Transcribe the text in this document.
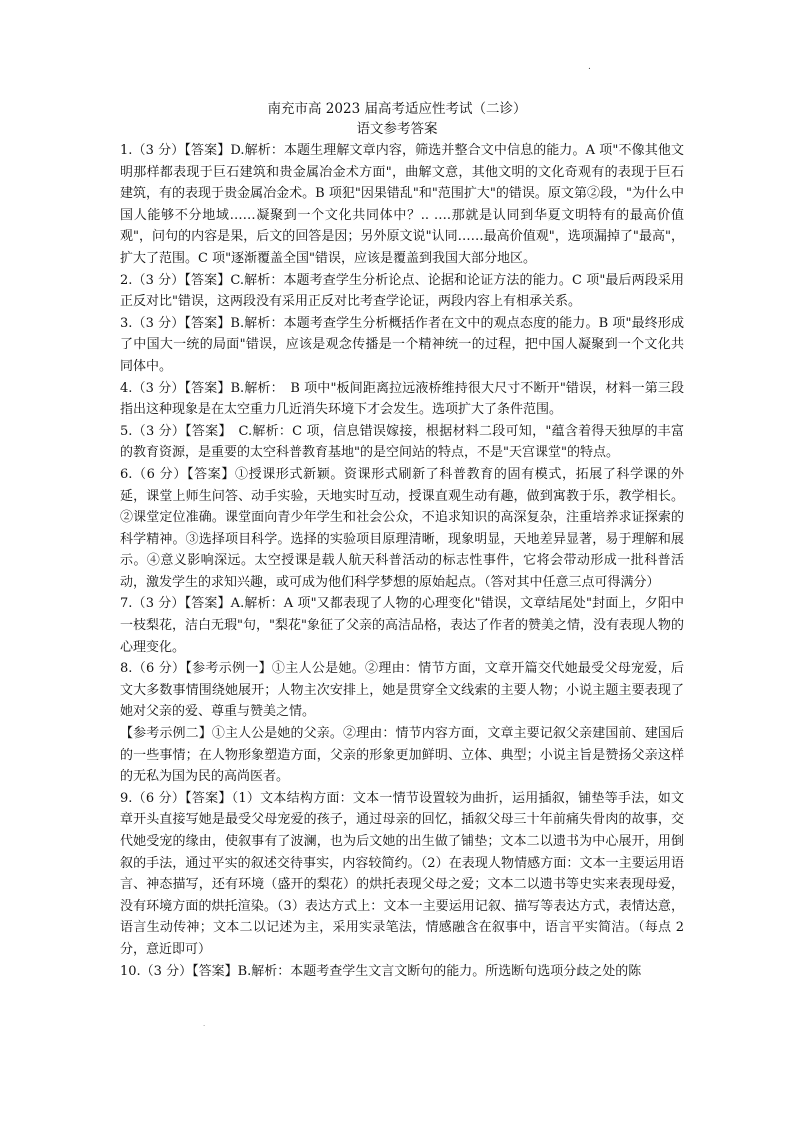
.
南充市高 2023 届高考适应性考试（二诊）
语文参考答案

1.（3 分）【答案】D.解析：本题生理解文章内容，筛选并整合文中信息的能力。A 项"不像其他文明那样都表现于巨石建筑和贵金属冶金术方面"，曲解文意，其他文明的文化奇观有的表现于巨石建筑，有的表现于贵金属冶金术。B 项犯"因果错乱"和"范围扩大"的错误。原文第②段，"为什么中国人能够不分地域……凝聚到一个文化共同体中？.. ….那就是认同到华夏文明特有的最高价值观"，问句的内容是果，后文的回答是因；另外原文说"认同……最高价值观"，选项漏掉了"最高"，扩大了范围。C 项"逐渐覆盖全国"错误，应该是覆盖到我国大部分地区。

2.（3 分）【答案】C.解析：本题考查学生分析论点、论据和论证方法的能力。C 项"最后两段采用正反对比"错误，这两段没有采用正反对比考查学论证，两段内容上有相承关系。

3.（3 分）【答案】B.解析：本题考查学生分析概括作者在文中的观点态度的能力。B 项"最终形成了中国大一统的局面"错误，应该是观念传播是一个精神统一的过程，把中国人凝聚到一个文化共同体中。

4.（3 分）【答案】B.解析：　B 项中"板间距离拉远液桥维持很大尺寸不断开"错误，材料一第三段指出这种现象是在太空重力几近消失环境下才会发生。选项扩大了条件范围。

5.（3 分）【答案】　C.解析：C 项，信息错误嫁接，根据材料二段可知，"蕴含着得天独厚的丰富的教育资源，是重要的太空科普教育基地"的是空间站的特点，不是"天宫课堂"的特点。

6.（6 分）【答案】①授课形式新颖。资课形式刷新了科普教育的固有模式，拓展了科学课的外延，课堂上师生问答、动手实验，天地实时互动，授课直观生动有趣，做到寓教于乐，教学相长。②课堂定位准确。课堂面向青少年学生和社会公众，不追求知识的高深复杂，注重培养求证探索的科学精神。③选择项目科学。选择的实验项目原理清晰，现象明显，天地差异显著，易于理解和展示。④意义影响深远。太空授课是载人航天科普活动的标志性事件，它将会带动形成一批科普活动，激发学生的求知兴趣，或可成为他们科学梦想的原始起点。（答对其中任意三点可得满分）

7.（3 分）【答案】A.解析：A 项"又都表现了人物的心理变化"错误，文章结尾处"封面上，夕阳中一枝梨花，洁白无瑕"句，"梨花"象征了父亲的高洁品格，表达了作者的赞美之情，没有表现人物的心理变化。

8.（6 分）【参考示例一】①主人公是她。②理由：情节方面，文章开篇交代她最受父母宠爱，后文大多数事情围绕她展开；人物主次安排上，她是贯穿全文线索的主要人物；小说主题主要表现了她对父亲的爱、尊重与赞美之情。

【参考示例二】①主人公是她的父亲。②理由：情节内容方面，文章主要记叙父亲建国前、建国后的一些事情；在人物形象塑造方面，父亲的形象更加鲜明、立体、典型；小说主旨是赞扬父亲这样的无私为国为民的高尚医者。

9.（6 分）【答案】（1）文本结构方面：文本一情节设置较为曲折，运用插叙，铺垫等手法，如文章开头直接写她是最受父母宠爱的孩子，通过母亲的回忆，插叙父母三十年前痛失骨肉的故事，交代她受宠的缘由，使叙事有了波澜，也为后文她的出生做了铺垫；文本二以遗书为中心展开，用倒叙的手法，通过平实的叙述交待事实，内容较简约。（2）在表现人物情感方面：文本一主要运用语言、神态描写，还有环境（盛开的梨花）的烘托表现父母之爱；文本二以遗书等史实来表现母爱，没有环境方面的烘托渲染。（3）表达方式上：文本一主要运用记叙、描写等表达方式，表情达意，语言生动传神；文本二以记述为主，采用实录笔法，情感融含在叙事中，语言平实简洁。（每点 2 分，意近即可）

10.（3 分）【答案】B.解析：本题考查学生文言文断句的能力。所选断句选项分歧之处的陈

·
